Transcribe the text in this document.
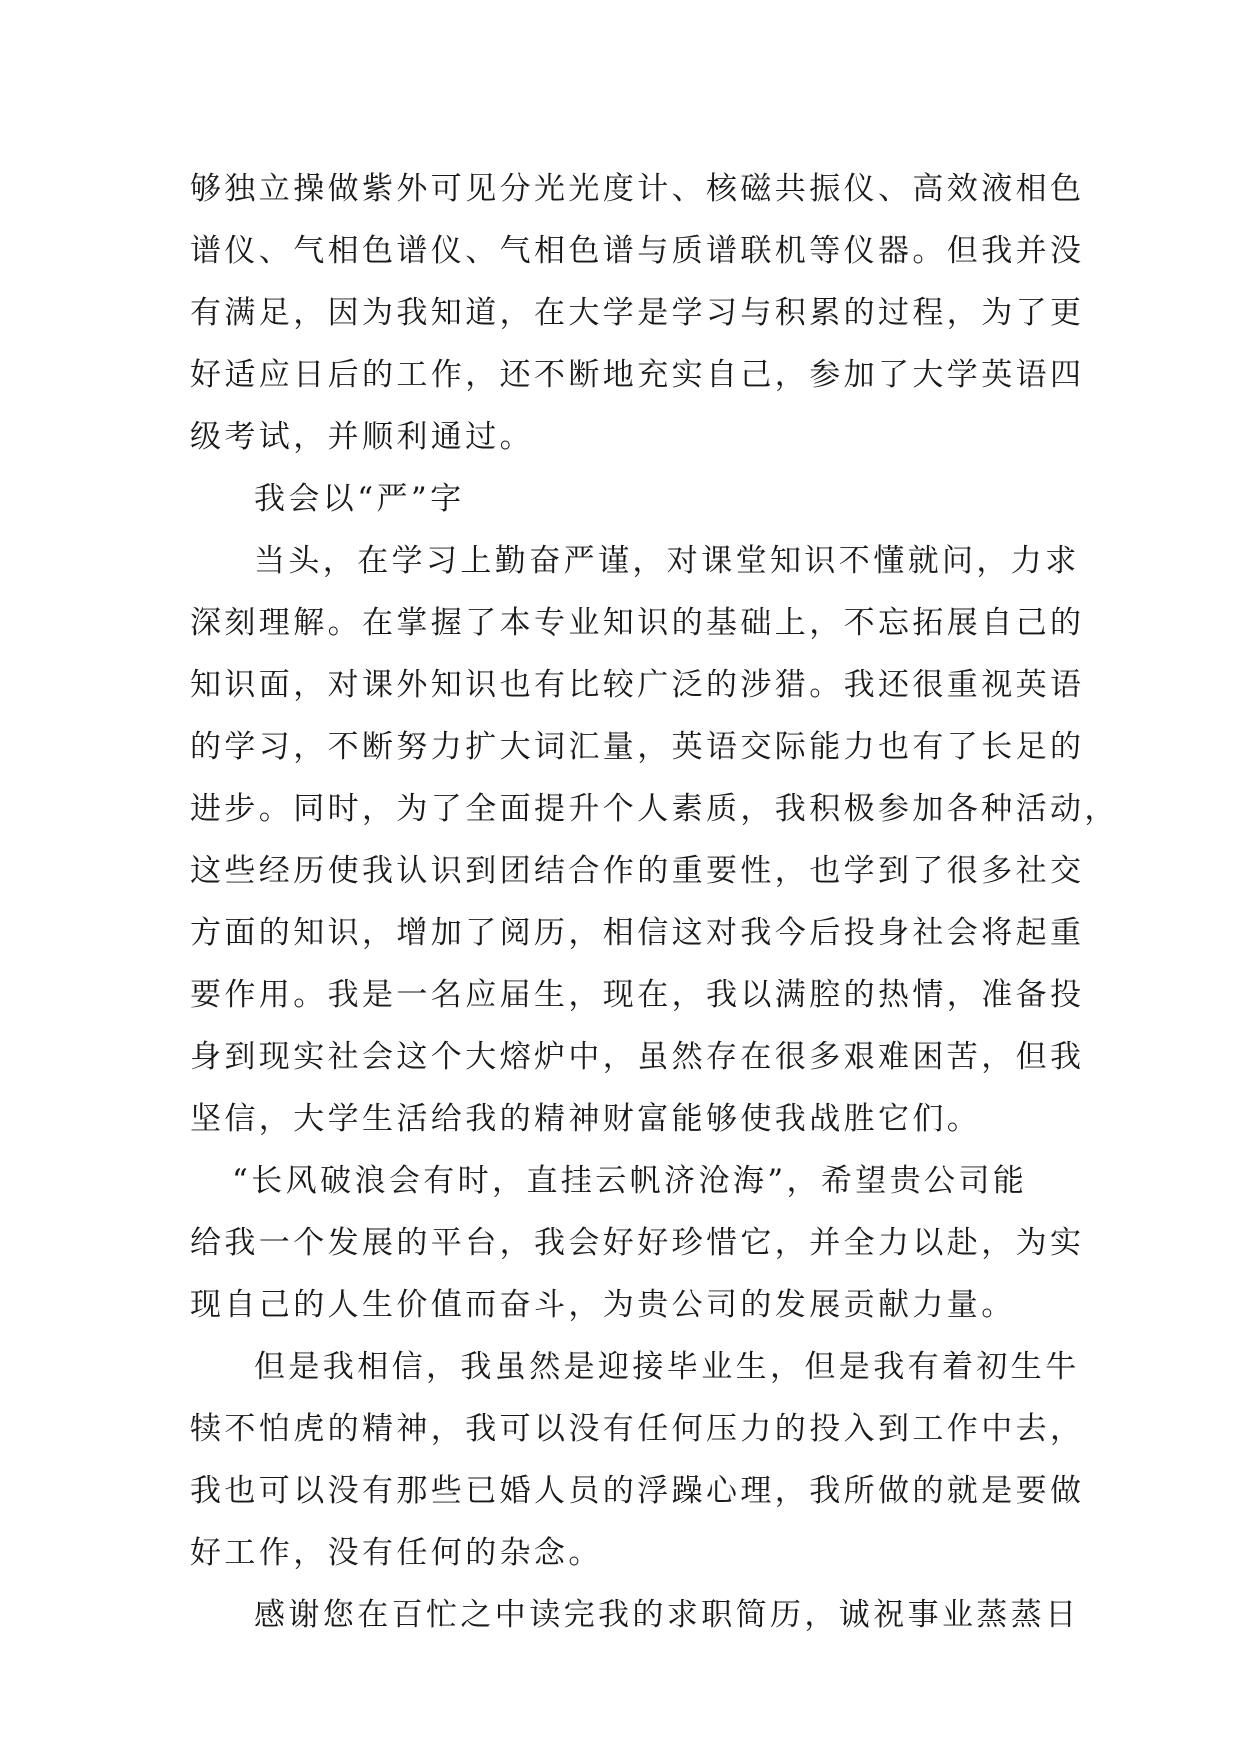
够独立操做紫外可见分光光度计、核磁共振仪、高效液相色
谱仪、气相色谱仪、气相色谱与质谱联机等仪器。但我并没
有满足，因为我知道，在大学是学习与积累的过程，为了更
好适应日后的工作，还不断地充实自己，参加了大学英语四
级考试，并顺利通过。
我会以“严”字
当头，在学习上勤奋严谨，对课堂知识不懂就问，力求
深刻理解。在掌握了本专业知识的基础上，不忘拓展自己的
知识面，对课外知识也有比较广泛的涉猎。我还很重视英语
的学习，不断努力扩大词汇量，英语交际能力也有了长足的
进步。同时，为了全面提升个人素质，我积极参加各种活动，
这些经历使我认识到团结合作的重要性，也学到了很多社交
方面的知识，增加了阅历，相信这对我今后投身社会将起重
要作用。我是一名应届生，现在，我以满腔的热情，准备投
身到现实社会这个大熔炉中，虽然存在很多艰难困苦，但我
坚信，大学生活给我的精神财富能够使我战胜它们。
“长风破浪会有时，直挂云帆济沧海”，希望贵公司能
给我一个发展的平台，我会好好珍惜它，并全力以赴，为实
现自己的人生价值而奋斗，为贵公司的发展贡献力量。
但是我相信，我虽然是迎接毕业生，但是我有着初生牛
犊不怕虎的精神，我可以没有任何压力的投入到工作中去，
我也可以没有那些已婚人员的浮躁心理，我所做的就是要做
好工作，没有任何的杂念。
感谢您在百忙之中读完我的求职简历，诚祝事业蒸蒸日
